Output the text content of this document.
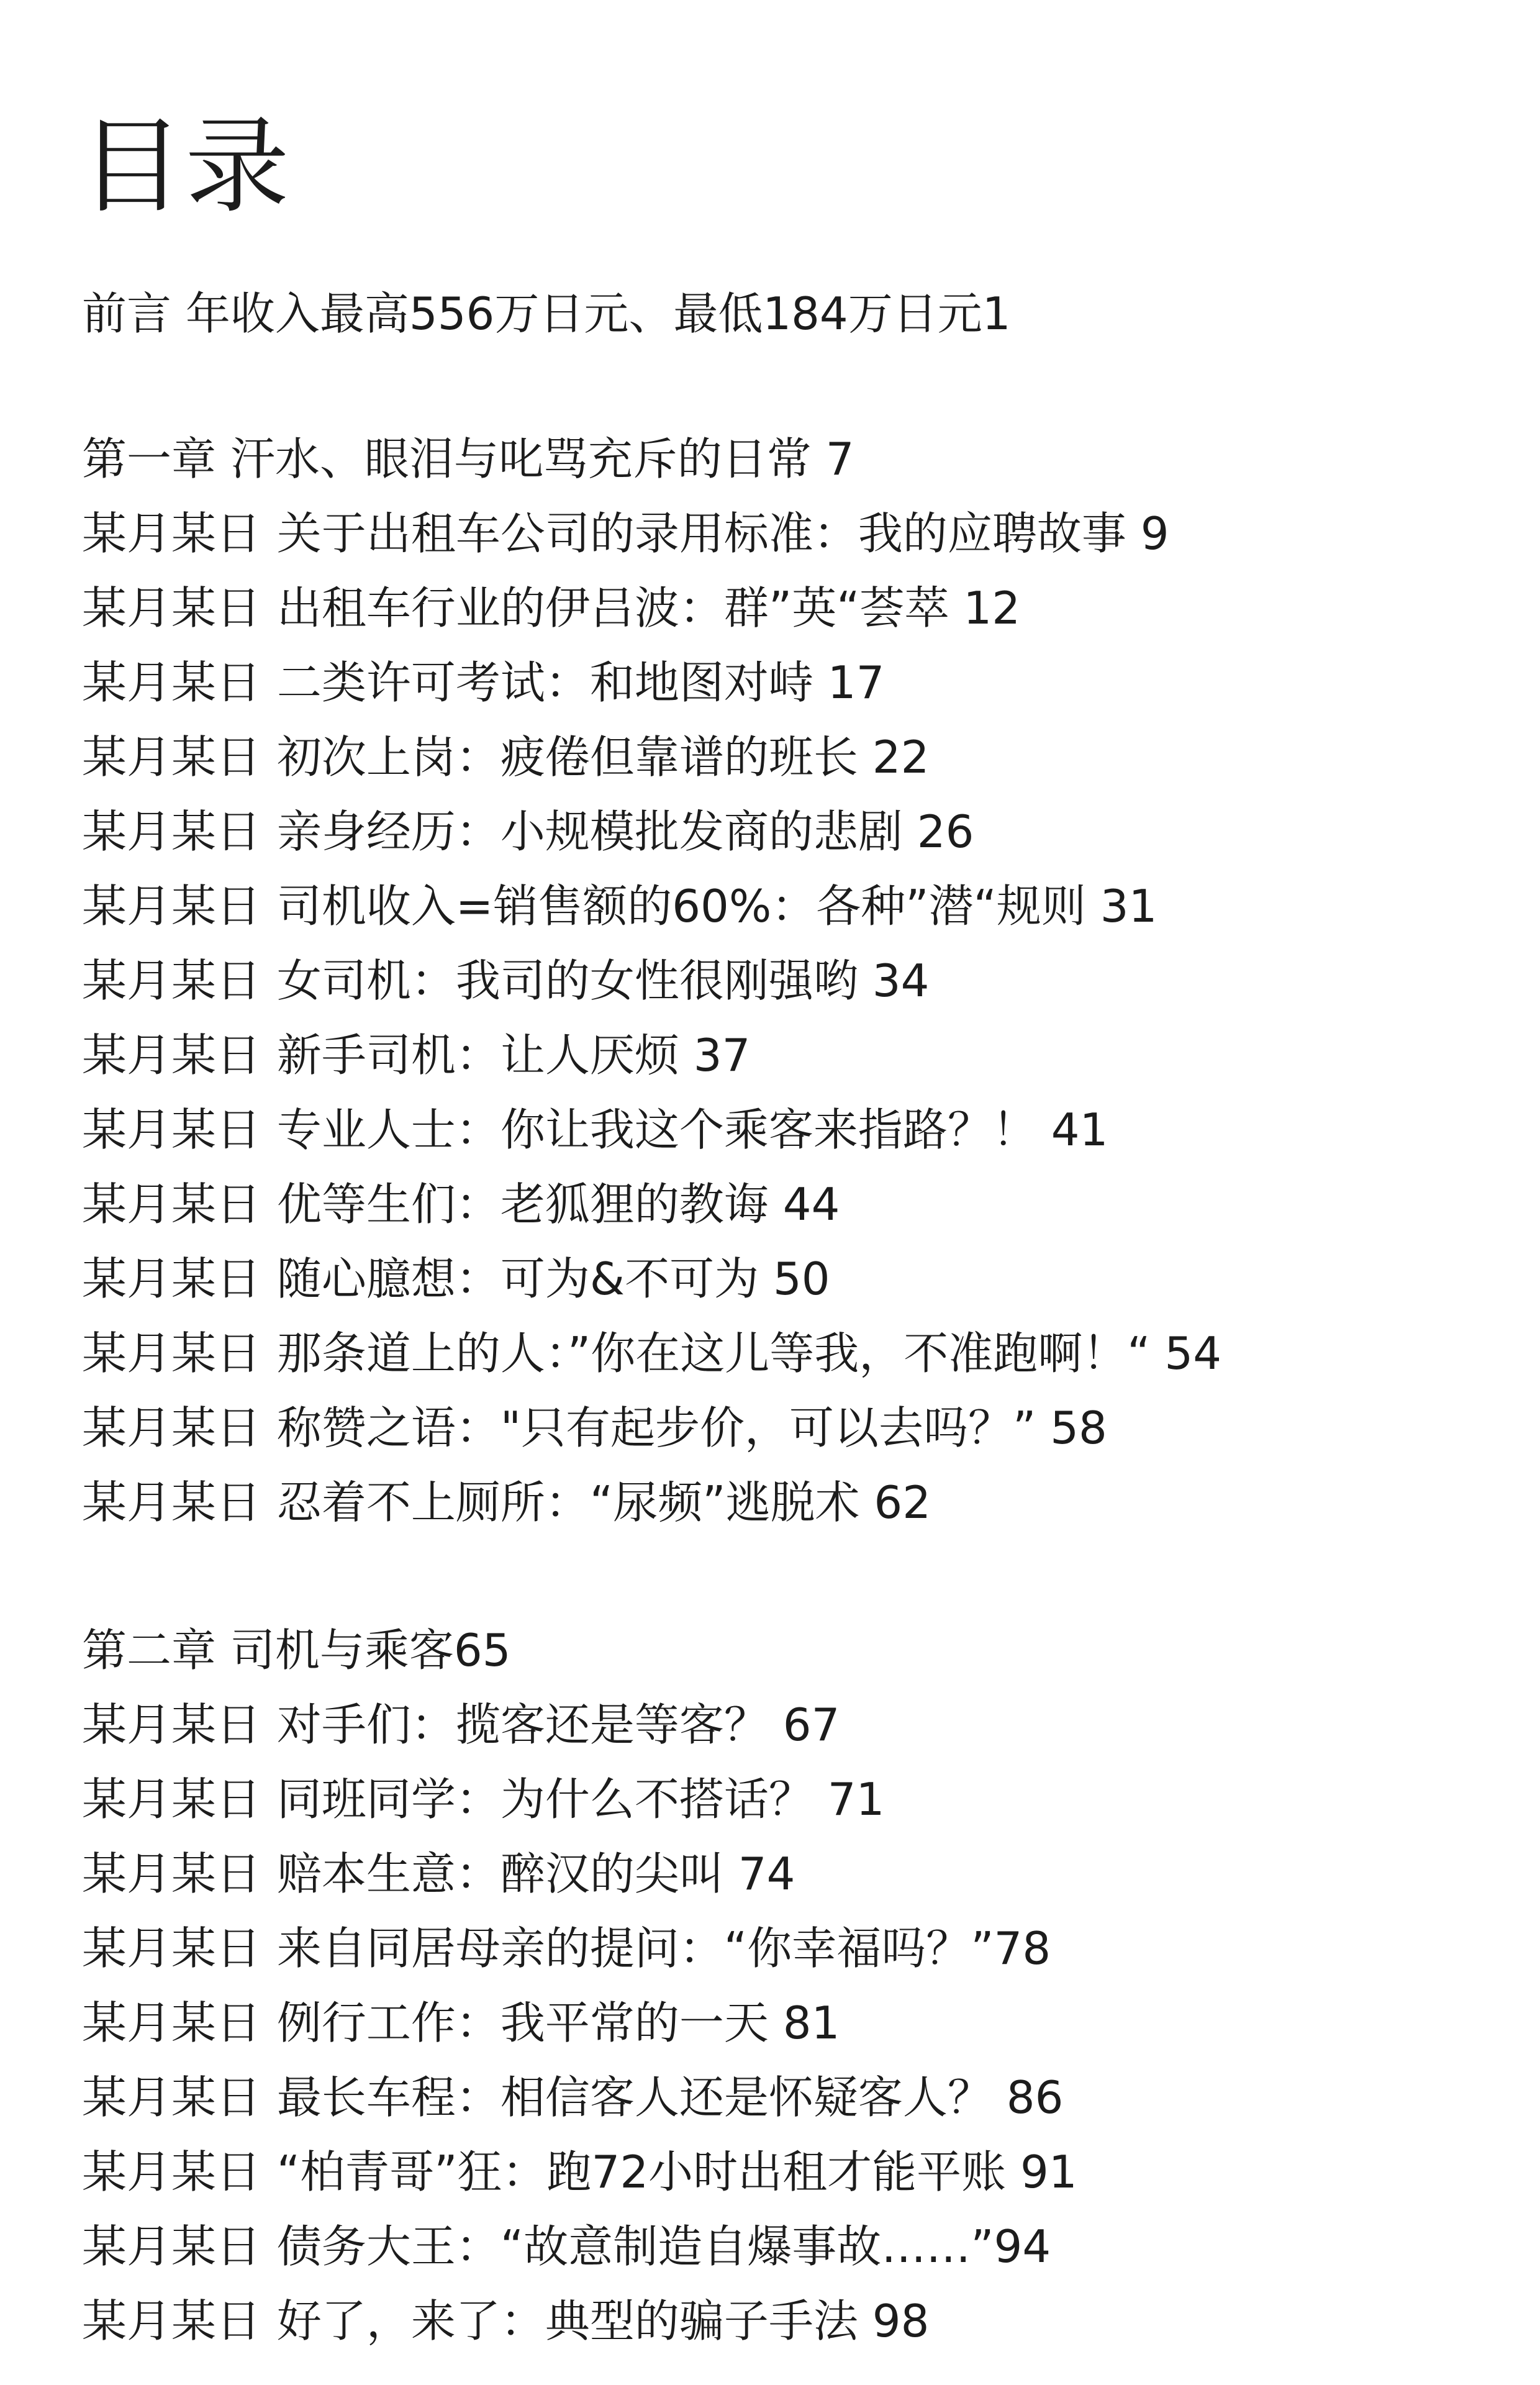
目录
前言 年收入最高556万日元、最低184万日元1
第一章 汗水、眼泪与叱骂充斥的日常 7
某月某日 关于出租车公司的录用标准：我的应聘故事 9
某月某日 出租车行业的伊吕波：群”英“荟萃 12
某月某日 二类许可考试：和地图对峙 17
某月某日 初次上岗：疲倦但靠谱的班长 22
某月某日 亲身经历：小规模批发商的悲剧 26
某月某日 司机收入=销售额的60%：各种”潜“规则 31
某月某日 女司机：我司的女性很刚强哟 34
某月某日 新手司机：让人厌烦 37
某月某日 专业人士：你让我这个乘客来指路？！ 41
某月某日 优等生们：老狐狸的教诲 44
某月某日 随心臆想：可为&不可为 50
某月某日 那条道上的人：”你在这儿等我，不准跑啊！“ 54
某月某日 称赞之语："只有起步价，可以去吗？” 58
某月某日 忍着不上厕所：“尿频”逃脱术 62
第二章 司机与乘客65
某月某日 对手们：揽客还是等客？ 67
某月某日 同班同学：为什么不搭话？ 71
某月某日 赔本生意：醉汉的尖叫 74
某月某日 来自同居母亲的提问：“你幸福吗？”78
某月某日 例行工作：我平常的一天 81
某月某日 最长车程：相信客人还是怀疑客人？ 86
某月某日 “柏青哥”狂：跑72小时出租才能平账 91
某月某日 债务大王：“故意制造自爆事故……”94
某月某日 好了，来了：典型的骗子手法 98
